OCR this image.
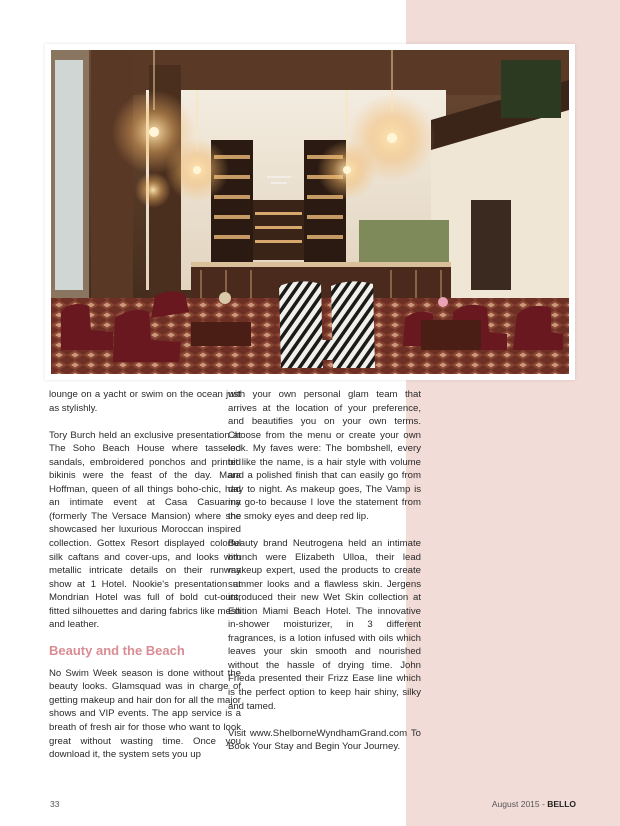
lounge on a yacht or swim on the ocean just as stylishly.

Tory Burch held an exclusive presentation at The Soho Beach House where tasseled sandals, embroidered ponchos and printed bikinis were the feast of the day. Mara Hoffman, queen of all things boho-chic, had an intimate event at Casa Casuarina (formerly The Versace Mansion) where she showcased her luxurious Moroccan inspired collection. Gottex Resort displayed colorful silk caftans and cover-ups, and looks with metallic intricate details on their runway show at 1 Hotel. Nookie's presentation at Mondrian Hotel was full of bold cut-outs, fitted silhouettes and daring fabrics like mesh and leather.

Beauty and the Beach

No Swim Week season is done without the beauty looks. Glamsquad was in charge of getting makeup and hair don for all the major shows and VIP events. The app service is a breath of fresh air for those who want to look great without wasting time. Once you download it, the system sets you up

with your own personal glam team that arrives at the location of your preference, and beautifies you on your own terms. Choose from the menu or create your own look. My faves were: The bombshell, every bit like the name, is a hair style with volume and a polished finish that can easily go from day to night. As makeup goes, The Vamp is my go-to because I love the statement from the smoky eyes and deep red lip.

Beauty brand Neutrogena held an intimate brunch were Elizabeth Ulloa, their lead makeup expert, used the products to create summer looks and a flawless skin. Jergens introduced their new Wet Skin collection at Edition Miami Beach Hotel. The innovative in-shower moisturizer, in 3 different fragrances, is a lotion infused with oils which leaves your skin smooth and nourished without the hassle of drying time. John Frieda presented their Frizz Ease line which is the perfect option to keep hair shiny, silky and tamed.

Visit www.ShelborneWyndhamGrand.com To Book Your Stay and Begin Your Journey.

33	August 2015 - BELLO
